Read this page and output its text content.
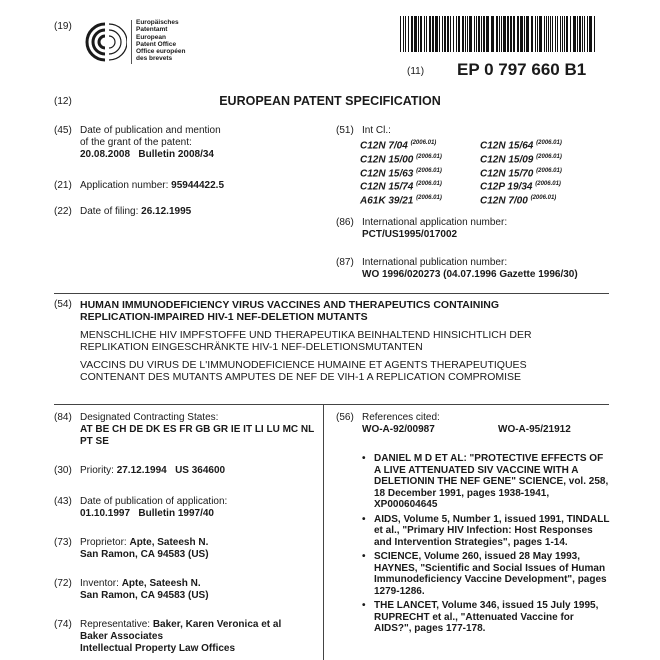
(19)	Europäisches
Patentamt
European
Patent Office
Office européen
des brevets
(11) EP 0 797 660 B1
(12)	EUROPEAN PATENT SPECIFICATION
(45) Date of publication and mention
of the grant of the patent:
20.08.2008   Bulletin 2008/34
(21) Application number: 95944422.5
(22) Date of filing: 26.12.1995
(51) Int Cl.:
C12N 7/04 $^{(2006.01)}$	C12N 15/64 $^{(2006.01)}$
C12N 15/00 $^{(2006.01)}$	C12N 15/09 $^{(2006.01)}$
C12N 15/63 $^{(2006.01)}$	C12N 15/70 $^{(2006.01)}$
C12N 15/74 $^{(2006.01)}$	C12P 19/34 $^{(2006.01)}$
A61K 39/21 $^{(2006.01)}$	C12N 7/00 $^{(2006.01)}$
(86) International application number:
PCT/US1995/017002
(87) International publication number:
WO 1996/020273 (04.07.1996 Gazette 1996/30)
(54) HUMAN IMMUNODEFICIENCY VIRUS VACCINES AND THERAPEUTICS CONTAINING
REPLICATION-IMPAIRED HIV-1 NEF-DELETION MUTANTS
MENSCHLICHE HIV IMPFSTOFFE UND THERAPEUTIKA BEINHALTEND HINSICHTLICH DER
REPLIKATION EINGESCHRÄNKTE HIV-1 NEF-DELETIONSMUTANTEN
VACCINS DU VIRUS DE L'IMMUNODEFICIENCE HUMAINE ET AGENTS THERAPEUTIQUES
CONTENANT DES MUTANTS AMPUTES DE NEF DE VIH-1 A REPLICATION COMPROMISE
(84) Designated Contracting States:
AT BE CH DE DK ES FR GB GR IE IT LI LU MC NL
PT SE
(30) Priority: 27.12.1994   US 364600
(43) Date of publication of application:
01.10.1997   Bulletin 1997/40
(73) Proprietor: Apte, Sateesh N.
San Ramon, CA 94583 (US)
(72) Inventor: Apte, Sateesh N.
San Ramon, CA 94583 (US)
(74) Representative: Baker, Karen Veronica et al
Baker Associates
Intellectual Property Law Offices
(56) References cited:
WO-A-92/00987	WO-A-95/21912
• DANIEL M D ET AL: "PROTECTIVE EFFECTS OF A LIVE ATTENUATED SIV VACCINE WITH A DELETIONIN THE NEF GENE" SCIENCE, vol. 258, 18 December 1991, pages 1938-1941, XP000604645
• AIDS, Volume 5, Number 1, issued 1991, TINDALL et al., "Primary HIV Infection: Host Responses and Intervention Strategies", pages 1-14.
• SCIENCE, Volume 260, issued 28 May 1993, HAYNES, "Scientific and Social Issues of Human Immunodeficiency Vaccine Development", pages 1279-1286.
• THE LANCET, Volume 346, issued 15 July 1995, RUPRECHT et al., "Attenuated Vaccine for AIDS?", pages 177-178.
